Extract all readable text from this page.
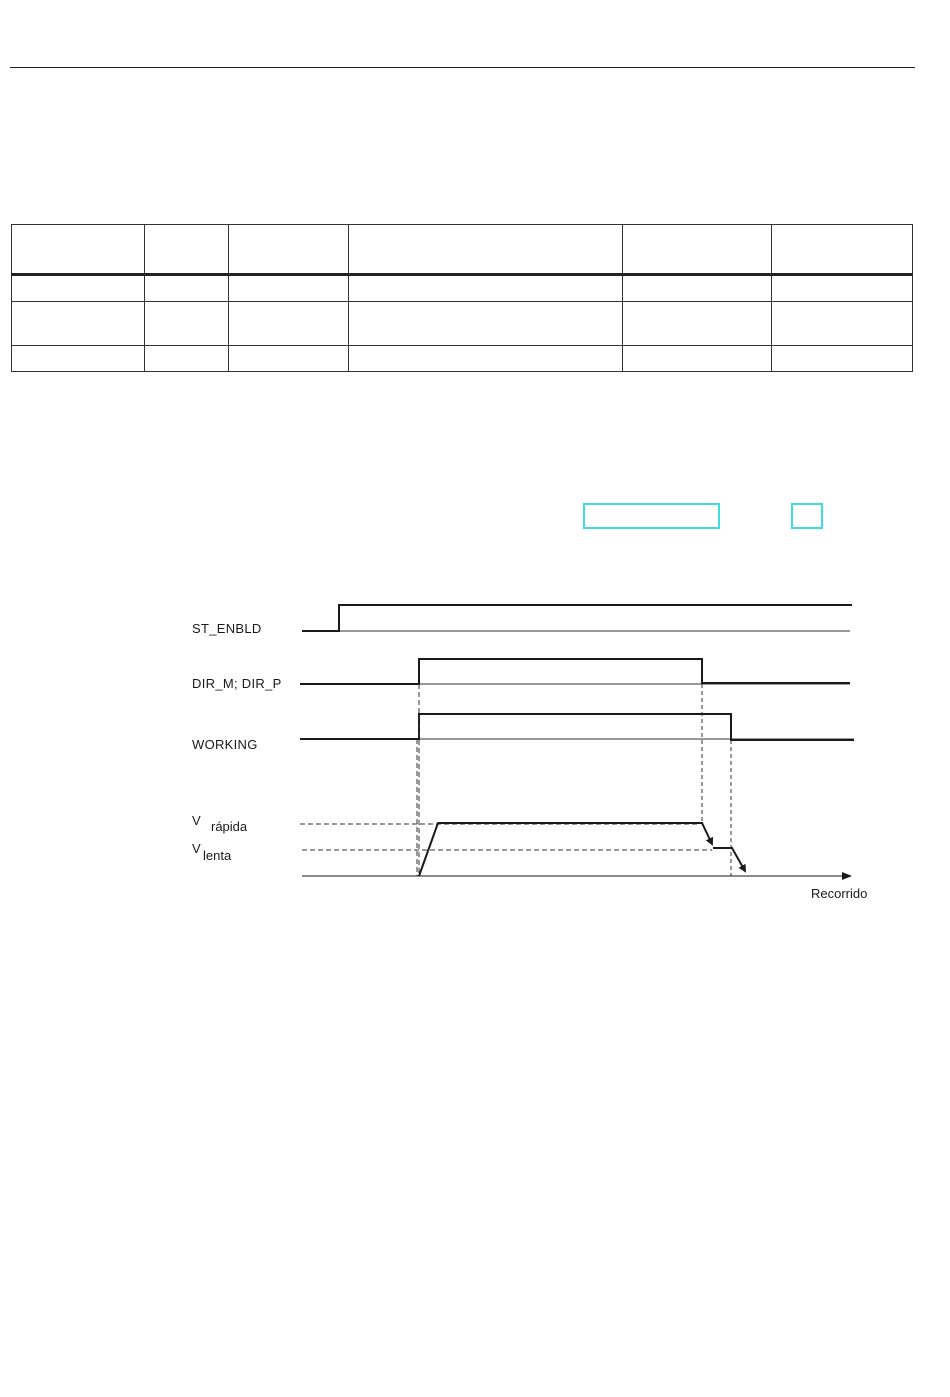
ST_ENBLD
DIR_M; DIR_P
WORKING
V rápida
V lenta
Recorrido
